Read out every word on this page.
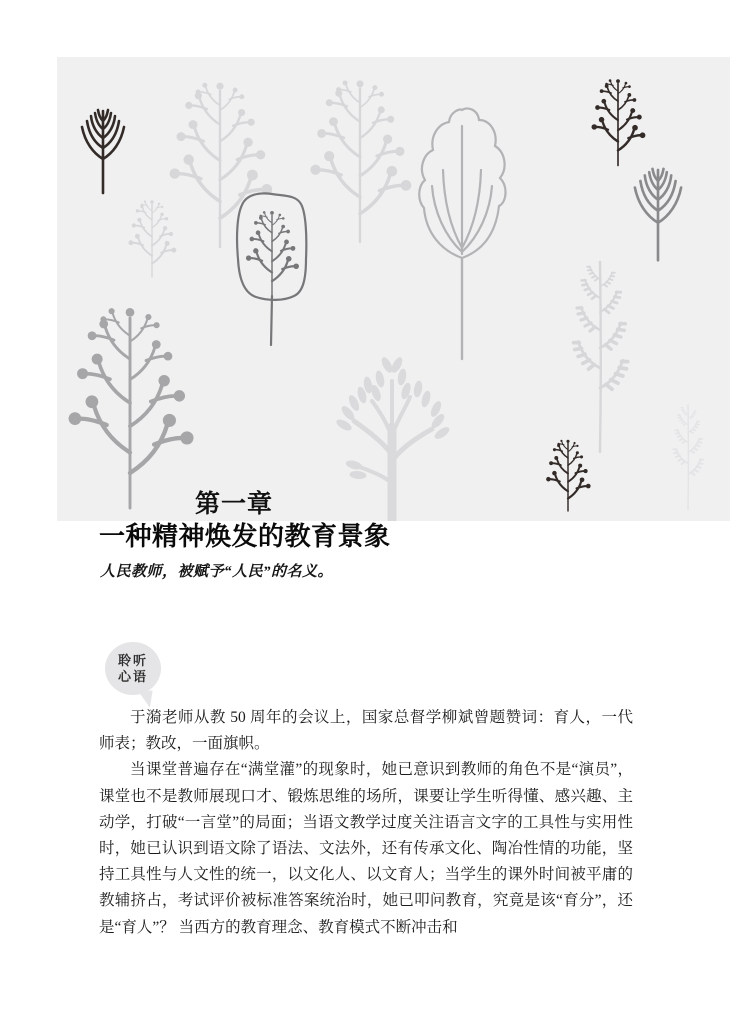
第一章
一种精神焕发的教育景象
人民教师，被赋予“人民”的名义。
聆听
心语

于漪老师从教 50 周年的会议上，国家总督学柳斌曾题赞词：育人，一代师表；教改，一面旗帜。

当课堂普遍存在“满堂灌”的现象时，她已意识到教师的角色不是“演员”，课堂也不是教师展现口才、锻炼思维的场所，课要让学生听得懂、感兴趣、主动学，打破“一言堂”的局面；当语文教学过度关注语言文字的工具性与实用性时，她已认识到语文除了语法、文法外，还有传承文化、陶冶性情的功能，坚持工具性与人文性的统一，以文化人、以文育人；当学生的课外时间被平庸的教辅挤占，考试评价被标准答案统治时，她已叩问教育，究竟是该“育分”，还是“育人”？ 当西方的教育理念、教育模式不断冲击和
